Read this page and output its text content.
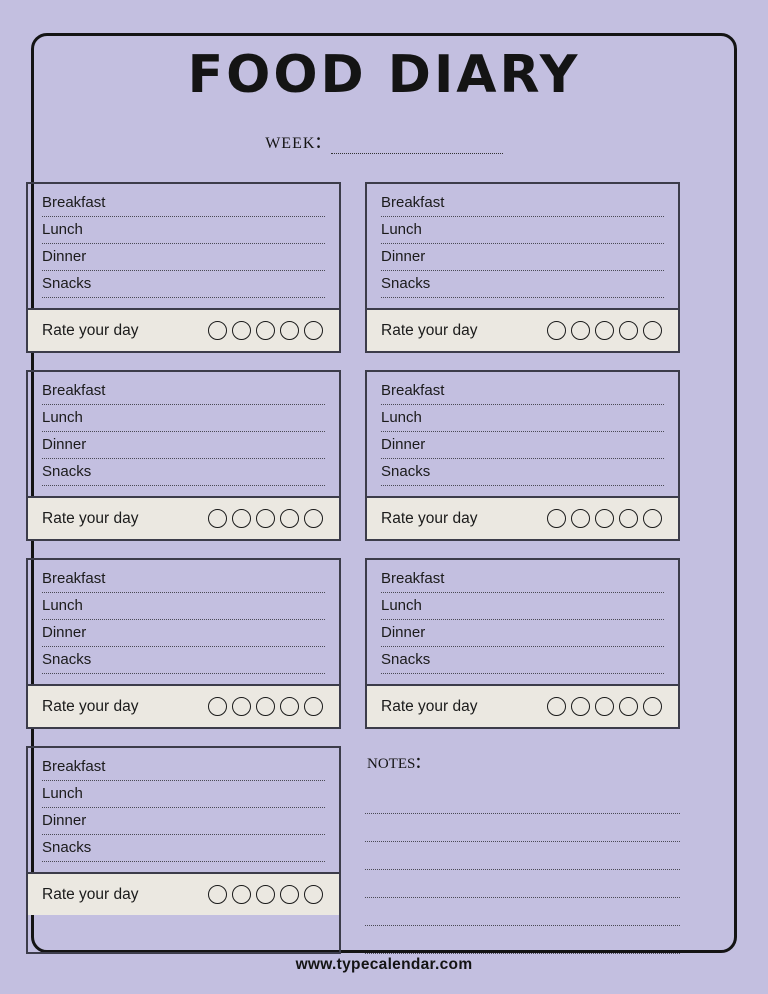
FOOD DIARY
week:
Breakfast
Lunch
Dinner
Snacks
Rate your day
Breakfast
Lunch
Dinner
Snacks
Rate your day
Breakfast
Lunch
Dinner
Snacks
Rate your day
Breakfast
Lunch
Dinner
Snacks
Rate your day
Breakfast
Lunch
Dinner
Snacks
Rate your day
Breakfast
Lunch
Dinner
Snacks
Rate your day
Breakfast
Lunch
Dinner
Snacks
Rate your day
notes:
www.typecalendar.com
